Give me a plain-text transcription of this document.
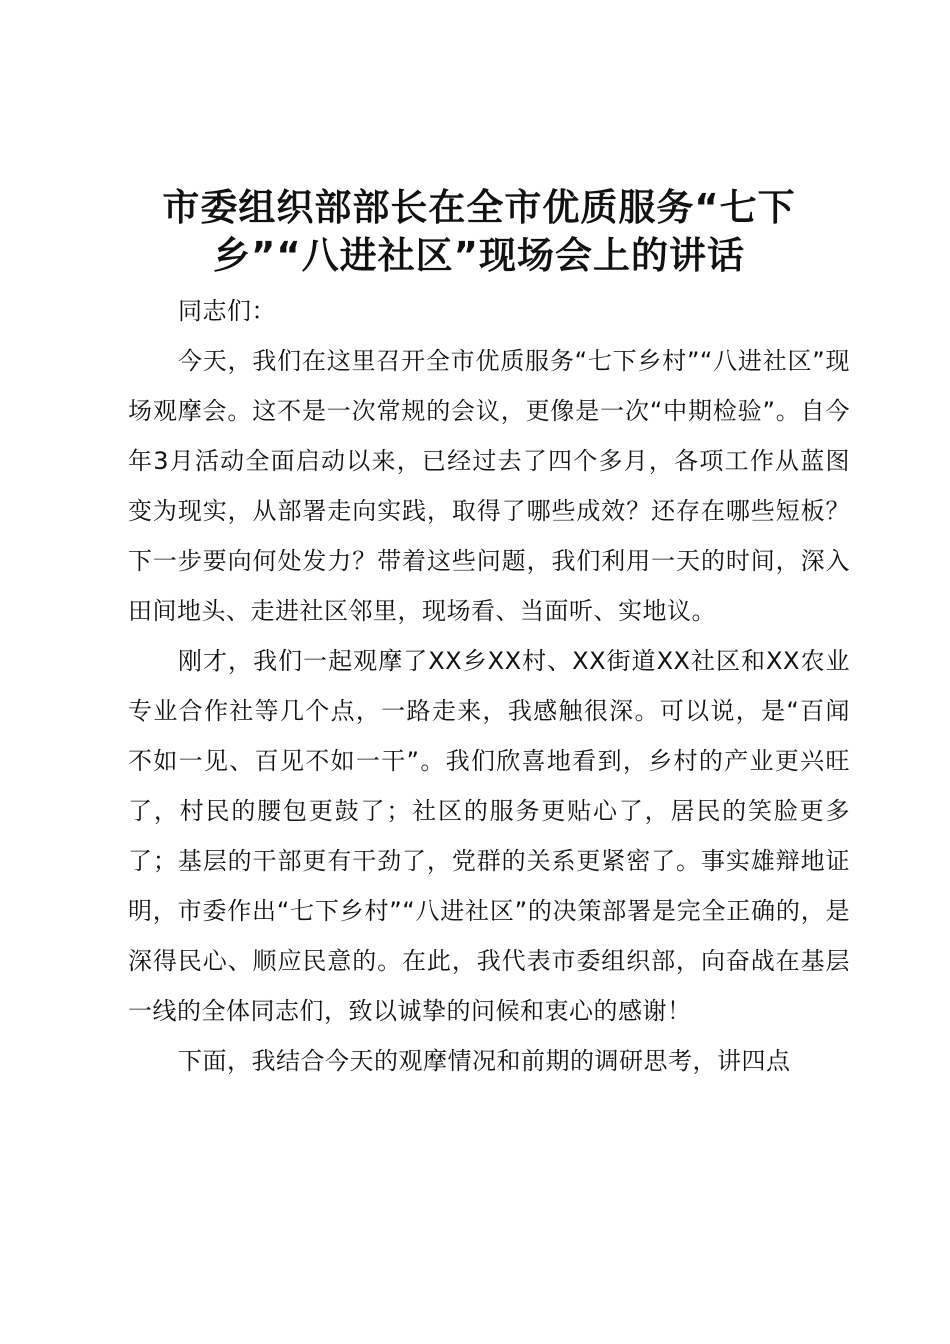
市委组织部部长在全市优质服务“七下乡”“八进社区”现场会上的讲话

同志们：

今天，我们在这里召开全市优质服务“七下乡村”“八进社区”现场观摩会。这不是一次常规的会议，更像是一次“中期检验”。自今年3月活动全面启动以来，已经过去了四个多月，各项工作从蓝图变为现实，从部署走向实践，取得了哪些成效？还存在哪些短板？下一步要向何处发力？带着这些问题，我们利用一天的时间，深入田间地头、走进社区邻里，现场看、当面听、实地议。

刚才，我们一起观摩了XX乡XX村、XX街道XX社区和XX农业专业合作社等几个点，一路走来，我感触很深。可以说，是“百闻不如一见、百见不如一干”。我们欣喜地看到，乡村的产业更兴旺了，村民的腰包更鼓了；社区的服务更贴心了，居民的笑脸更多了；基层的干部更有干劲了，党群的关系更紧密了。事实雄辩地证明，市委作出“七下乡村”“八进社区”的决策部署是完全正确的，是深得民心、顺应民意的。在此，我代表市委组织部，向奋战在基层一线的全体同志们，致以诚挚的问候和衷心的感谢！

下面，我结合今天的观摩情况和前期的调研思考，讲四点
